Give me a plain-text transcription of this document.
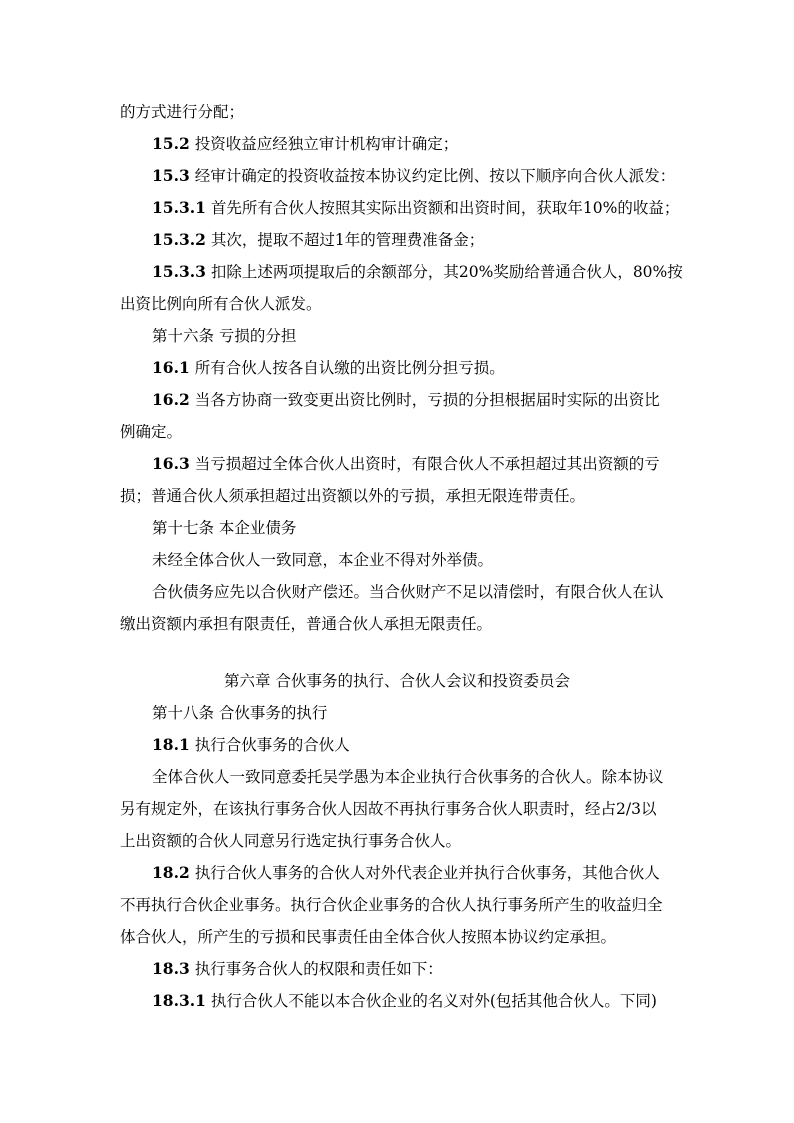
的方式进行分配；
15.2 投资收益应经独立审计机构审计确定；
15.3 经审计确定的投资收益按本协议约定比例、按以下顺序向合伙人派发：
15.3.1 首先所有合伙人按照其实际出资额和出资时间，获取年10%的收益；
15.3.2 其次，提取不超过1年的管理费准备金；
15.3.3 扣除上述两项提取后的余额部分，其20%奖励给普通合伙人，80%按
出资比例向所有合伙人派发。
第十六条 亏损的分担
16.1 所有合伙人按各自认缴的出资比例分担亏损。
16.2 当各方协商一致变更出资比例时，亏损的分担根据届时实际的出资比
例确定。
16.3 当亏损超过全体合伙人出资时，有限合伙人不承担超过其出资额的亏
损；普通合伙人须承担超过出资额以外的亏损，承担无限连带责任。
第十七条 本企业债务
未经全体合伙人一致同意，本企业不得对外举债。
合伙债务应先以合伙财产偿还。当合伙财产不足以清偿时，有限合伙人在认
缴出资额内承担有限责任，普通合伙人承担无限责任。
第六章 合伙事务的执行、合伙人会议和投资委员会
第十八条 合伙事务的执行
18.1 执行合伙事务的合伙人
全体合伙人一致同意委托吴学愚为本企业执行合伙事务的合伙人。除本协议
另有规定外，在该执行事务合伙人因故不再执行事务合伙人职责时，经占2/3以
上出资额的合伙人同意另行选定执行事务合伙人。
18.2 执行合伙人事务的合伙人对外代表企业并执行合伙事务，其他合伙人
不再执行合伙企业事务。执行合伙企业事务的合伙人执行事务所产生的收益归全
体合伙人，所产生的亏损和民事责任由全体合伙人按照本协议约定承担。
18.3 执行事务合伙人的权限和责任如下：
18.3.1 执行合伙人不能以本合伙企业的名义对外(包括其他合伙人。下同)
